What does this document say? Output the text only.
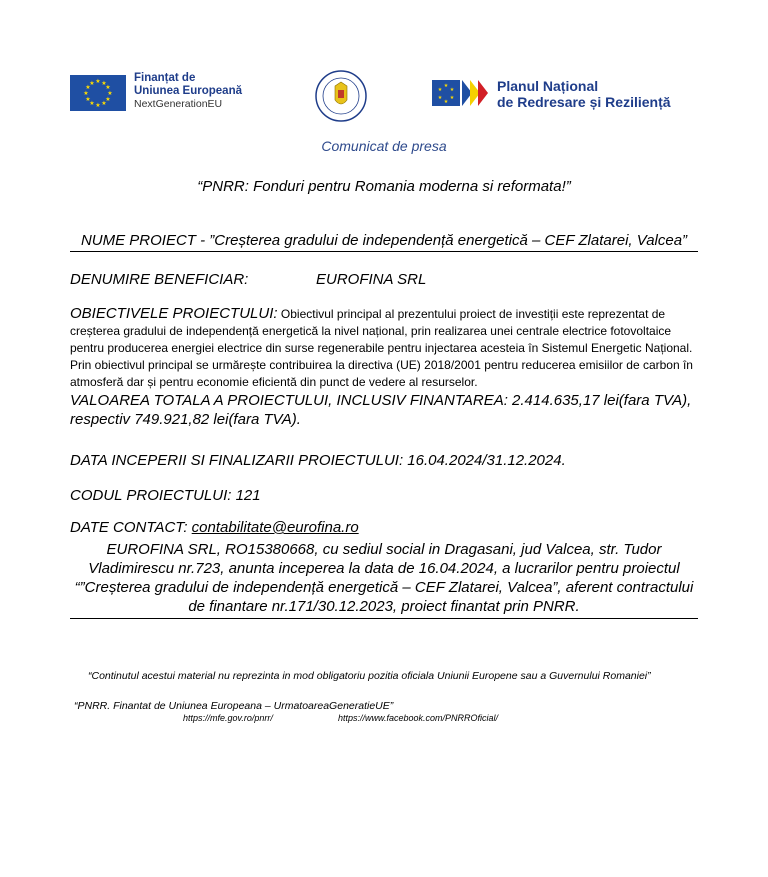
★ ★
★
★
★
★
★
★
★
★
★
★	Finanțat de
Uniunea Europeană
NextGenerationEU
★
★
★
★
★
★	Planul Național
de Redresare și Reziliență
Comunicat de presa
“PNRR: Fonduri pentru Romania moderna si reformata!”
NUME PROIECT - ”Creșterea gradului de independență energetică – CEF Zlatarei, Valcea”
DENUMIRE BENEFICIAR:	EUROFINA SRL
OBIECTIVELE PROIECTULUI: Obiectivul principal al prezentului proiect de investiții este reprezentat de creșterea gradului de independență energetică la nivel național, prin realizarea unei centrale electrice fotovoltaice pentru producerea energiei electrice din surse regenerabile pentru injectarea acesteia în Sistemul Energetic Național. Prin obiectivul principal se urmărește contribuirea la directiva (UE) 2018/2001 pentru reducerea emisiilor de carbon în atmosferă dar și pentru economie eficientă din punct de vedere al resurselor.
VALOAREA TOTALA A PROIECTULUI, INCLUSIV FINANTAREA: 2.414.635,17 lei(fara TVA), respectiv 749.921,82 lei(fara TVA).
DATA INCEPERII SI FINALIZARII PROIECTULUI: 16.04.2024/31.12.2024.
CODUL PROIECTULUI: 121
DATE CONTACT: contabilitate@eurofina.ro
EUROFINA SRL, RO15380668, cu sediul social in Dragasani, jud Valcea, str. Tudor Vladimirescu nr.723, anunta inceperea la data de 16.04.2024, a lucrarilor pentru proiectul “”Creșterea gradului de independență energetică – CEF Zlatarei, Valcea”, aferent contractului de finantare nr.171/30.12.2023, proiect finantat prin PNRR.
“Continutul acestui material nu reprezinta in mod obligatoriu pozitia oficiala Uniunii Europene sau a Guvernului Romaniei”
“PNRR. Finantat de Uniunea Europeana – UrmatoareaGeneratieUE”
https://mfe.gov.ro/pnrr/	https://www.facebook.com/PNRROficial/
